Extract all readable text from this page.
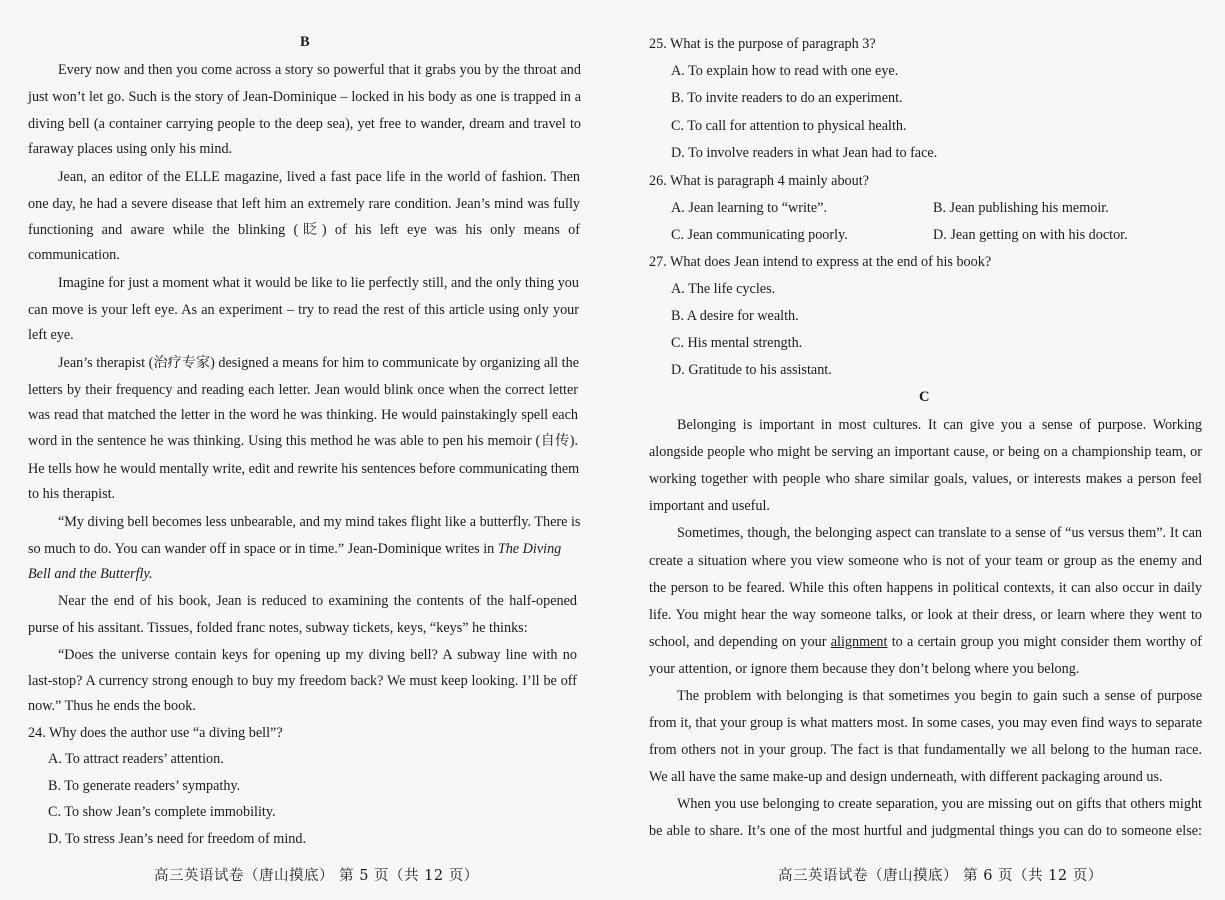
B
Every now and then you come across a story so powerful that it grabs you by the throat and
just won’t let go. Such is the story of Jean-Dominique – locked in his body as one is trapped in a
diving bell (a container carrying people to the deep sea), yet free to wander, dream and travel to
faraway places using only his mind.
Jean, an editor of the ELLE magazine, lived a fast pace life in the world of fashion. Then
one day, he had a severe disease that left him an extremely rare condition. Jean’s mind was fully
functioning and aware while the blinking (眨) of his left eye was his only means of
communication.
Imagine for just a moment what it would be like to lie perfectly still, and the only thing you
can move is your left eye. As an experiment – try to read the rest of this article using only your
left eye.
Jean’s therapist (治疗专家) designed a means for him to communicate by organizing all the
letters by their frequency and reading each letter. Jean would blink once when the correct letter
was read that matched the letter in the word he was thinking. He would painstakingly spell each
word in the sentence he was thinking. Using this method he was able to pen his memoir (自传).
He tells how he would mentally write, edit and rewrite his sentences before communicating them
to his therapist.
“My diving bell becomes less unbearable, and my mind takes flight like a butterfly. There is
so much to do. You can wander off in space or in time.” Jean-Dominique writes in The Diving
Bell and the Butterfly.
Near the end of his book, Jean is reduced to examining the contents of the half-opened
purse of his assitant. Tissues, folded franc notes, subway tickets, keys, “keys” he thinks:
“Does the universe contain keys for opening up my diving bell? A subway line with no
last-stop? A currency strong enough to buy my freedom back? We must keep looking. I’ll be off
now.” Thus he ends the book.
24. Why does the author use “a diving bell”?
A. To attract readers’ attention.
B. To generate readers’ sympathy.
C. To show Jean’s complete immobility.
D. To stress Jean’s need for freedom of mind.
高三英语试卷（唐山摸底） 第 5 页（共 12 页）
25. What is the purpose of paragraph 3?
A. To explain how to read with one eye.
B. To invite readers to do an experiment.
C. To call for attention to physical health.
D. To involve readers in what Jean had to face.
26. What is paragraph 4 mainly about?
A. Jean learning to “write”.	B. Jean publishing his memoir.
C. Jean communicating poorly.	D. Jean getting on with his doctor.
27. What does Jean intend to express at the end of his book?
A. The life cycles.
B. A desire for wealth.
C. His mental strength.
D. Gratitude to his assistant.
C
Belonging is important in most cultures. It can give you a sense of purpose. Working
alongside people who might be serving an important cause, or being on a championship team, or
working together with people who share similar goals, values, or interests makes a person feel
important and useful.
Sometimes, though, the belonging aspect can translate to a sense of “us versus them”. It can
create a situation where you view someone who is not of your team or group as the enemy and
the person to be feared. While this often happens in political contexts, it can also occur in daily
life. You might hear the way someone talks, or look at their dress, or learn where they went to
school, and depending on your alignment to a certain group you might consider them worthy of
your attention, or ignore them because they don’t belong where you belong.
The problem with belonging is that sometimes you begin to gain such a sense of purpose
from it, that your group is what matters most. In some cases, you may even find ways to separate
from others not in your group. The fact is that fundamentally we all belong to the human race.
We all have the same make-up and design underneath, with different packaging around us.
When you use belonging to create separation, you are missing out on gifts that others might
be able to share. It’s one of the most hurtful and judgmental things you can do to someone else:
高三英语试卷（唐山摸底） 第 6 页（共 12 页）
